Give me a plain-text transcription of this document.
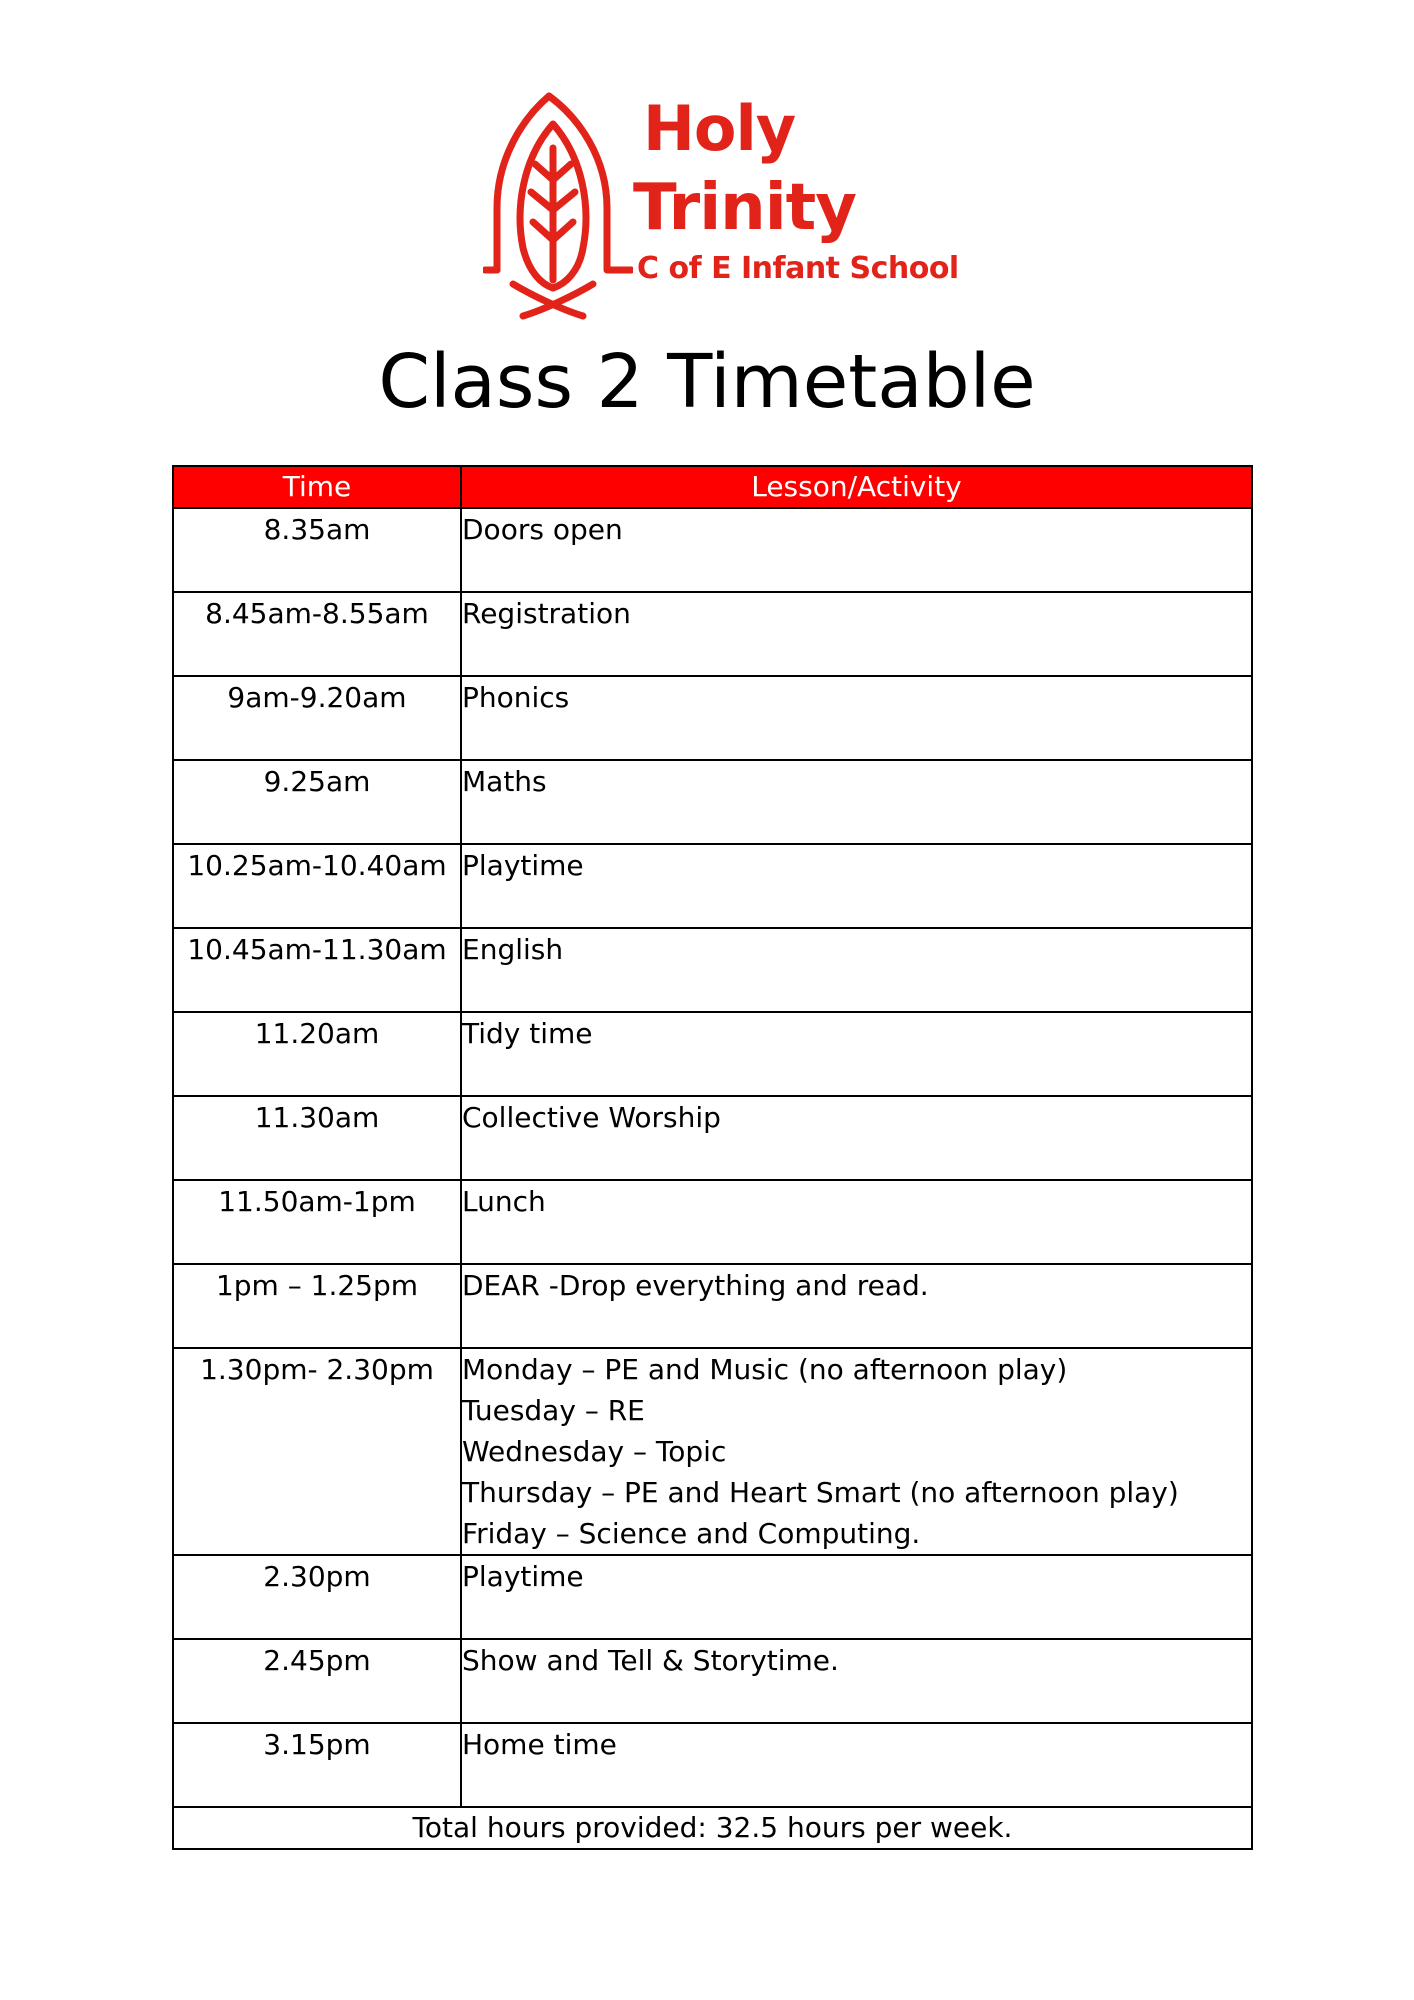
Holy
Trinity
C of E Infant School
Class 2 Timetable
Time	Lesson/Activity
8.35am	Doors open

8.45am-8.55am	Registration

9am-9.20am	Phonics

9.25am	Maths

10.25am-10.40am	Playtime

10.45am-11.30am	English

11.20am	Tidy time

11.30am	Collective Worship

11.50am-1pm	Lunch

1pm – 1.25pm	DEAR -Drop everything and read.

1.30pm- 2.30pm	Monday – PE and Music (no afternoon play)
Tuesday – RE
Wednesday – Topic
Thursday – PE and Heart Smart (no afternoon play)
Friday – Science and Computing.

2.30pm	Playtime

2.45pm	Show and Tell & Storytime.

3.15pm	Home time

Total hours provided: 32.5 hours per week.	
